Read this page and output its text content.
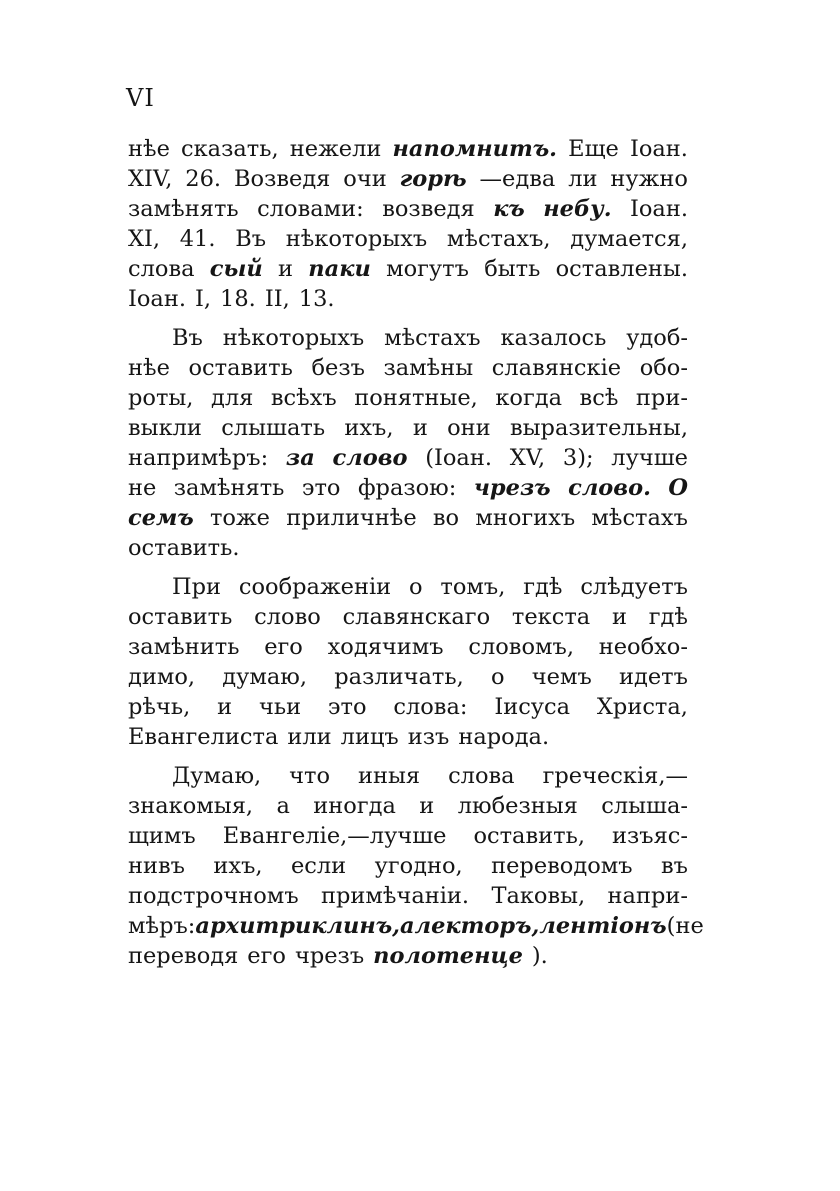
VI
нѣе сказать, нежели напомнитъ. Еще Іоан.
XIV, 26. Возведя очи горѣ —едва ли нужно
замѣнять словами: возведя къ небу. Іоан.
XI, 41. Въ нѣкоторыхъ мѣстахъ, думается,
слова сый и паки могутъ быть оставлены.
Іоан. I, 18. II, 13.
Въ нѣкоторыхъ мѣстахъ казалось удоб-
нѣе оставить безъ замѣны славянскіе обо-
роты, для всѣхъ понятные, когда всѣ при-
выкли слышать ихъ, и они выразительны,
напримѣръ: за слово (Іоан. XV, 3); лучше
не замѣнять это фразою: чрезъ слово. О
семъ тоже приличнѣе во многихъ мѣстахъ
оставить.
При соображеніи о томъ, гдѣ слѣдуетъ
оставить слово славянскаго текста и гдѣ
замѣнить его ходячимъ словомъ, необхо-
димо, думаю, различать, о чемъ идетъ
рѣчь, и чьи это слова: Іисуса Христа,
Евангелиста или лицъ изъ народа.
Думаю, что иныя слова греческія,—
знакомыя, а иногда и любезныя слыша-
щимъ Евангеліе,—лучше оставить, изъяс-
нивъ ихъ, если угодно, переводомъ въ
подстрочномъ примѣчаніи. Таковы, напри-
мѣръ: архитриклинъ, алекторъ, лентіонъ (не
переводя его чрезъ полотенце ).
